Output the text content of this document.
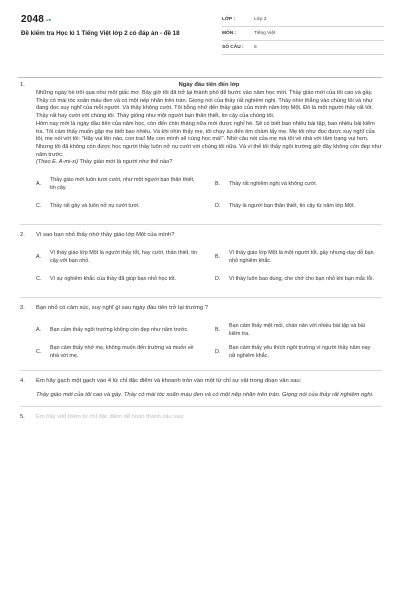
2048.vn
Đề kiểm tra Học kì 1 Tiếng Việt lớp 2 có đáp án - đề 18
LỚP :	Lớp 2
MÔN :	Tiếng Việt
SỐ CÂU :	8
1.	Ngày đầu tiên đến lớp
Những ngày hè trôi qua như một giấc mơ. Bây giờ tôi đã trở lại thành phố để bước vào năm học mới. Thầy giáo mới của tôi cao và gầy. Thầy có mái tóc xoăn màu đen và có một nếp nhăn trên trán. Giọng nói của thầy rất nghiêm nghị. Thầy nhìn thẳng vào chúng tôi và như đang đọc suy nghĩ của mỗi người. Và thầy không cười. Tôi bỗng nhớ đến thầy giáo của mình năm lớp Một. Đó là một người thầy rất tốt. Thầy rất hay cười với chúng tôi. Thầy giống như một người bạn thân thiết, tin cậy của chúng tôi.
Hôm nay mới là ngày đầu tiên của năm học, còn đến chín tháng nữa mới được nghỉ hè. Sẽ có biết bao nhiêu bài tập, bao nhiêu bài kiểm tra. Tôi cảm thấy muốn gặp mẹ biết bao nhiêu. Và khi nhìn thấy mẹ, tôi chạy ào đến ôm chầm lấy mẹ. Mẹ tôi như đọc được suy nghĩ của tôi, mẹ nói với tôi: "Hãy vui lên nào, con trai! Mẹ con mình sẽ cùng học mà!". Nhờ câu nói của mẹ mà tôi về nhà với tâm trạng vui hơn. Nhưng tôi đã không còn được học người thầy luôn nở nụ cười với chúng tôi nữa. Và vì thế tôi thấy ngôi trường giờ đây không còn đẹp như năm trước.
(Theo E. A-mi-xi) Thầy giáo mới là người như thế nào?
A.
Thầy giáo mới luôn tươi cười, như một người bạn thân thiết, tin cậy.
B.	Thầy rất nghiêm nghị và không cười.
C.	Thầy rất gầy và luôn nở nụ cười tươi.	D.	Thầy là người bạn thân thiết, tin cậy từ năm lớp Một.
2. Vì sao bạn nhỏ thấy nhớ thầy giáo lớp Một của mình?
A.
Vì thầy giáo lớp Một là người thầy tốt, hay cười, thân thiết, tin cậy với bạn nhỏ.
B.
Vì thầy giáo lớp Một là một người tốt, gầy nhưng dạy dỗ bạn nhỏ nghiêm khắc.
C.	Vì sự nghiêm khắc của thầy đã giúp bạn nhỏ học tốt.	D.	Vì thầy luôn bao dung, che chở cho bạn nhỏ khi bạn mắc lỗi.
3. Bạn nhỏ có cảm xúc, suy nghĩ gì sau ngày đầu tiên trở lại trường ?
A.	Bạn cảm thấy ngôi trường không còn đẹp như năm trước.	B.
Bạn cảm thấy mệt mỏi, chán nản với nhiều bài tập và bài kiểm tra.
C.
Bạn cảm thấy nhớ mẹ, không muốn đến trường và muốn về nhà với mẹ.
D.
Bạn cảm thấy yêu thích ngôi trường vì người thầy năm nay rất nghiêm khắc.
4. Em hãy gạch một gạch vào 4 từ chỉ đặc điểm và khoanh tròn vào một từ chỉ sự vật trong đoạn văn sau:
Thầy giáo mới của tôi cao và gầy. Thầy có mái tóc xoăn màu đen và có một nếp nhăn trên trán. Giọng nói của thầy rất nghiêm nghị.
5. Em hãy viết thêm từ chỉ đặc điểm để hoàn thành câu sau:
